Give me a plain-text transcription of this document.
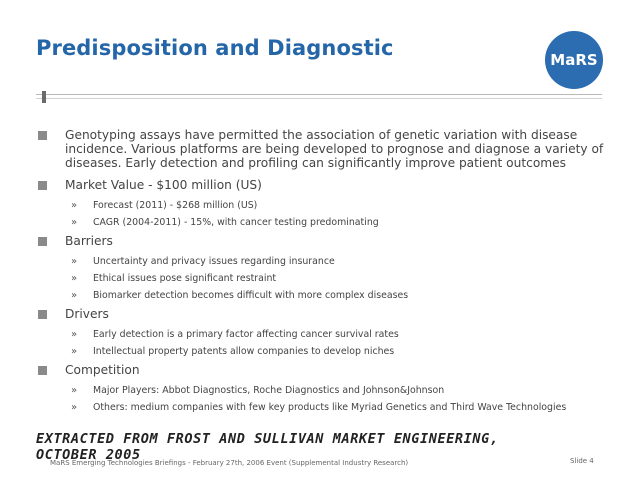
Predisposition and Diagnostic	MaRS
Genotyping assays have permitted the association of genetic variation with disease incidence. Various platforms are being developed to prognose and diagnose a variety of diseases. Early detection and profiling can significantly improve patient outcomes
Market Value - $100 million (US)
» Forecast (2011) - $268 million (US)
» CAGR (2004-2011) - 15%, with cancer testing predominating
Barriers
» Uncertainty and privacy issues regarding insurance
» Ethical issues pose significant restraint
» Biomarker detection becomes difficult with more complex diseases
Drivers
» Early detection is a primary factor affecting cancer survival rates
» Intellectual property patents allow companies to develop niches
Competition
» Major Players: Abbot Diagnostics, Roche Diagnostics and Johnson&Johnson
» Others: medium companies with few key products like Myriad Genetics and Third Wave Technologies
EXTRACTED FROM FROST AND SULLIVAN MARKET ENGINEERING,
OCTOBER 2005
MaRS Emerging Technologies Briefings - February 27th, 2006 Event (Supplemental Industry Research)	Slide 4
